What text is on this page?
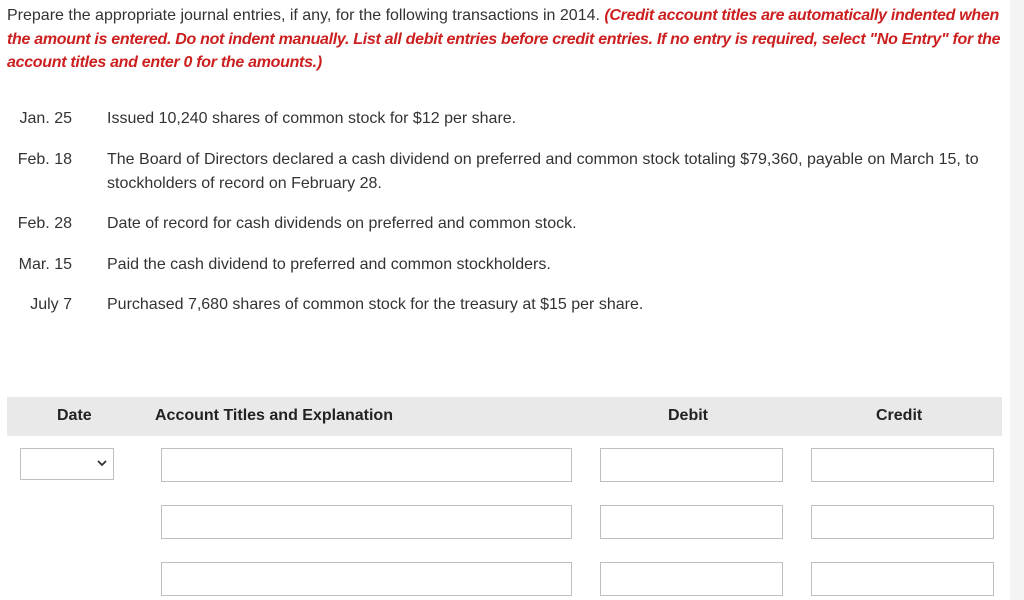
Prepare the appropriate journal entries, if any, for the following transactions in 2014. (Credit account titles are automatically indented when the amount is entered. Do not indent manually. List all debit entries before credit entries. If no entry is required, select "No Entry" for the account titles and enter 0 for the amounts.)
Jan. 25 Issued 10,240 shares of common stock for $12 per share.
Feb. 18 The Board of Directors declared a cash dividend on preferred and common stock totaling $79,360, payable on March 15, to stockholders of record on February 28.
Feb. 28 Date of record for cash dividends on preferred and common stock.
Mar. 15 Paid the cash dividend to preferred and common stockholders.
July 7 Purchased 7,680 shares of common stock for the treasury at $15 per share.
Date	Account Titles and Explanation	Debit	Credit
